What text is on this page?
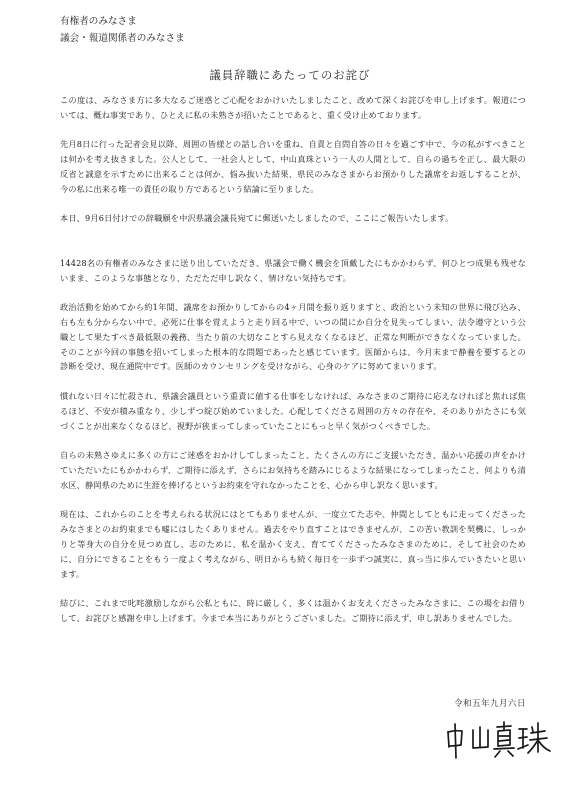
有権者のみなさま
議会・報道関係者のみなさま
議員辞職にあたってのお詫び

この度は、みなさま方に多大なるご迷惑とご心配をおかけいたしましたこと、改めて深くお詫びを申し上げます。報道については、概ね事実であり、ひとえに私の未熟さが招いたことであると、重く受け止めております。

先月8日に行った記者会見以降、周囲の皆様との話し合いを重ね、自責と自問自答の日々を過ごす中で、今の私がすべきことは何かを考え抜きました。公人として、一社会人として、中山真珠という一人の人間として、自らの過ちを正し、最大限の反省と誠意を示すために出来ることは何か、悩み抜いた結果、県民のみなさまからお預かりした議席をお返しすることが、今の私に出来る唯一の責任の取り方であるという結論に至りました。

本日、9月6日付けでの辞職願を中沢県議会議長宛てに郵送いたしましたので、ここにご報告いたします。

14428名の有権者のみなさまに送り出していただき、県議会で働く機会を頂戴したにもかかわらず、何ひとつ成果も残せないまま、このような事態となり、ただただ申し訳なく、情けない気持ちです。

政治活動を始めてから約1年間、議席をお預かりしてからの4ヶ月間を振り返りますと、政治という未知の世界に飛び込み、右も左も分からない中で、必死に仕事を覚えようと走り回る中で、いつの間にか自分を見失ってしまい、法令遵守という公職として果たすべき最低限の義務、当たり前の大切なことすら見えなくなるほど、正常な判断ができなくなっていました。そのことが今回の事態を招いてしまった根本的な問題であったと感じています。医師からは、今月末まで静養を要するとの診断を受け、現在通院中です。医師のカウンセリングを受けながら、心身のケアに努めてまいります。

慣れない日々に忙殺され、県議会議員という重責に値する仕事をしなければ、みなさまのご期待に応えなければと焦れば焦るほど、不安が積み重なり、少しずつ綻び始めていました。心配してくださる周囲の方々の存在や、そのありがたさにも気づくことが出来なくなるほど、視野が狭まってしまっていたことにもっと早く気がつくべきでした。

自らの未熟さゆえに多くの方にご迷惑をおかけしてしまったこと、たくさんの方にご支援いただき、温かい応援の声をかけていただいたにもかかわらず、ご期待に添えず、さらにお気持ちを踏みにじるような結果になってしまったこと、何よりも清水区、静岡県のために生涯を捧げるというお約束を守れなかったことを、心から申し訳なく思います。

現在は、これからのことを考えられる状況にはとてもありませんが、一度立てた志や、仲間としてともに走ってくださったみなさまとのお約束までも嘘にはしたくありません。過去をやり直すことはできませんが、この苦い教訓を契機に、しっかりと等身大の自分を見つめ直し、志のために、私を温かく支え、育ててくださったみなさまのために、そして社会のために、自分にできることをもう一度よく考えながら、明日からも続く毎日を一歩ずつ誠実に、真っ当に歩んでいきたいと思います。

結びに、これまで叱咤激励しながら公私ともに、時に厳しく、多くは温かくお支えくださったみなさまに、この場をお借りして、お詫びと感謝を申し上げます。今まで本当にありがとうございました。ご期待に添えず、申し訳ありませんでした。

令和五年九月六日
